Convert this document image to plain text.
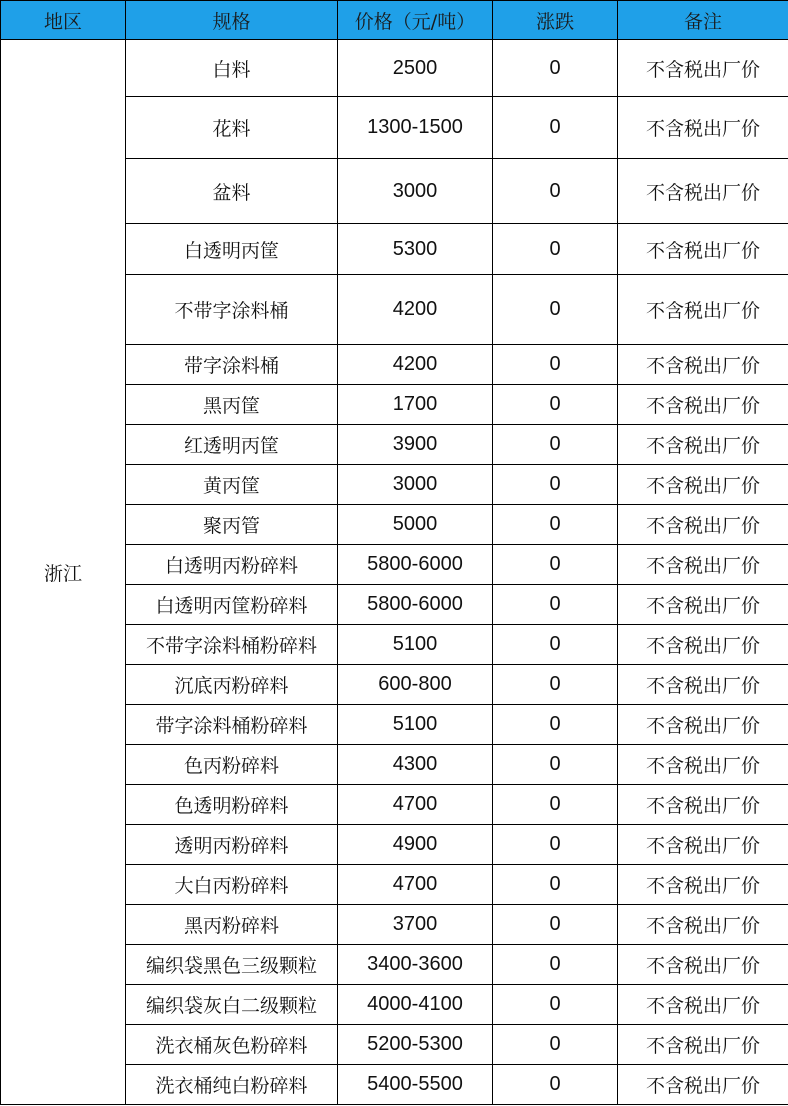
地区	规格	价格（元/吨）	涨跌	备注
浙江	白料	2500	0	不含税出厂价
	花料	1300-1500	0	不含税出厂价
	盆料	3000	0	不含税出厂价
	白透明丙筐	5300	0	不含税出厂价
	不带字涂料桶	4200	0	不含税出厂价
	带字涂料桶	4200	0	不含税出厂价
	黑丙筐	1700	0	不含税出厂价
	红透明丙筐	3900	0	不含税出厂价
	黄丙筐	3000	0	不含税出厂价
	聚丙管	5000	0	不含税出厂价
	白透明丙粉碎料	5800-6000	0	不含税出厂价
	白透明丙筐粉碎料	5800-6000	0	不含税出厂价
	不带字涂料桶粉碎料	5100	0	不含税出厂价
	沉底丙粉碎料	600-800	0	不含税出厂价
	带字涂料桶粉碎料	5100	0	不含税出厂价
	色丙粉碎料	4300	0	不含税出厂价
	色透明粉碎料	4700	0	不含税出厂价
	透明丙粉碎料	4900	0	不含税出厂价
	大白丙粉碎料	4700	0	不含税出厂价
	黑丙粉碎料	3700	0	不含税出厂价
	编织袋黑色三级颗粒	3400-3600	0	不含税出厂价
	编织袋灰白二级颗粒	4000-4100	0	不含税出厂价
	洗衣桶灰色粉碎料	5200-5300	0	不含税出厂价
	洗衣桶纯白粉碎料	5400-5500	0	不含税出厂价
